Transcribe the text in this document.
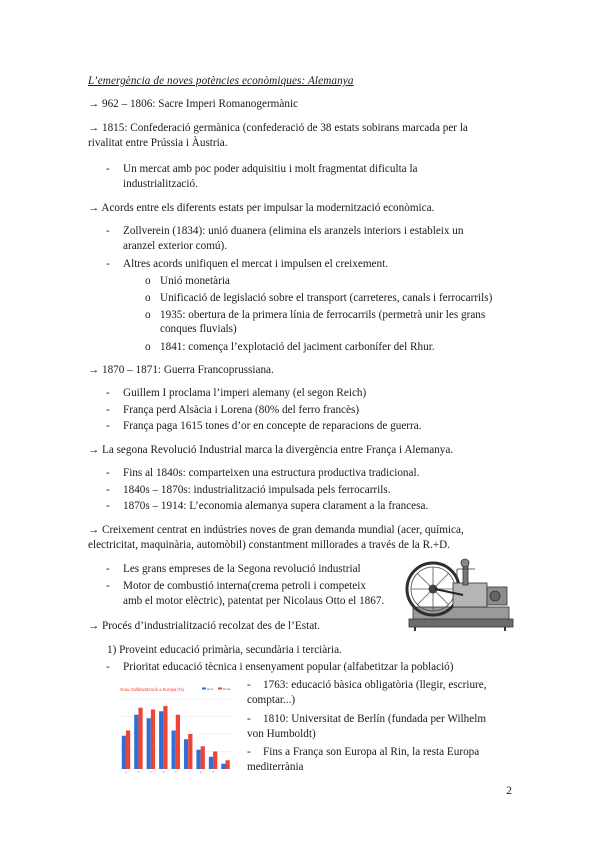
L’emergència de noves potències econòmiques: Alemanya
→ 962 – 1806: Sacre Imperi Romanogermànic
→ 1815: Confederació germànica (confederació de 38 estats sobirans marcada per la
rivalitat entre Prússia i Àustria.
- Un mercat amb poc poder adquisitiu i molt fragmentat dificulta la
industrialització.
→ Acords entre els diferents estats per impulsar la modernització econòmica.
- Zollverein (1834): unió duanera (elimina els aranzels interiors i estableix un
aranzel exterior comú).
- Altres acords unifiquen el mercat i impulsen el creixement.
o Unió monetària
o Unificació de legislació sobre el transport (carreteres, canals i ferrocarrils)
o 1935: obertura de la primera línia de ferrocarrils (permetrà unir les grans
conques fluvials)
o 1841: comença l’explotació del jaciment carbonífer del Rhur.
→ 1870 – 1871: Guerra Francoprussiana.
- Guillem I proclama l’imperi alemany (el segon Reich)
- França perd Alsàcia i Lorena (80% del ferro francès)
- França paga 1615 tones d’or en concepte de reparacions de guerra.
→ La segona Revolució Industrial marca la divergència entre França i Alemanya.
- Fins al 1840s: comparteixen una estructura productiva tradicional.
- 1840s – 1870s: industrialització impulsada pels ferrocarrils.
- 1870s – 1914: L’economia alemanya supera clarament a la francesa.
→ Creixement centrat en indústries noves de gran demanda mundial (acer, química,
electricitat, maquinària, automòbil) constantment millorades a través de la R.+D.
- Les grans empreses de la Segona revolució industrial
- Motor de combustió interna(crema petroli i competeix
amb el motor elèctric), patentat per Nicolaus Otto el 1867.
→ Procés d’industrialització recolzat des de l’Estat.
1) Proveint educació primària, secundària i terciària.
- Prioritat educació tècnica i ensenyament popular (alfabetitzar la població)
Grau d'alfabetització a Europa (%)	Hom	Dona
a	b	c	d	e	f	g	h	i
- 1763: educació bàsica obligatòria (llegir, escriure,
comptar...)
- 1810: Universitat de Berlín (fundada per Wilhelm
von Humboldt)
- Fins a França son Europa al Rin, la resta Europa
mediterrània
2
